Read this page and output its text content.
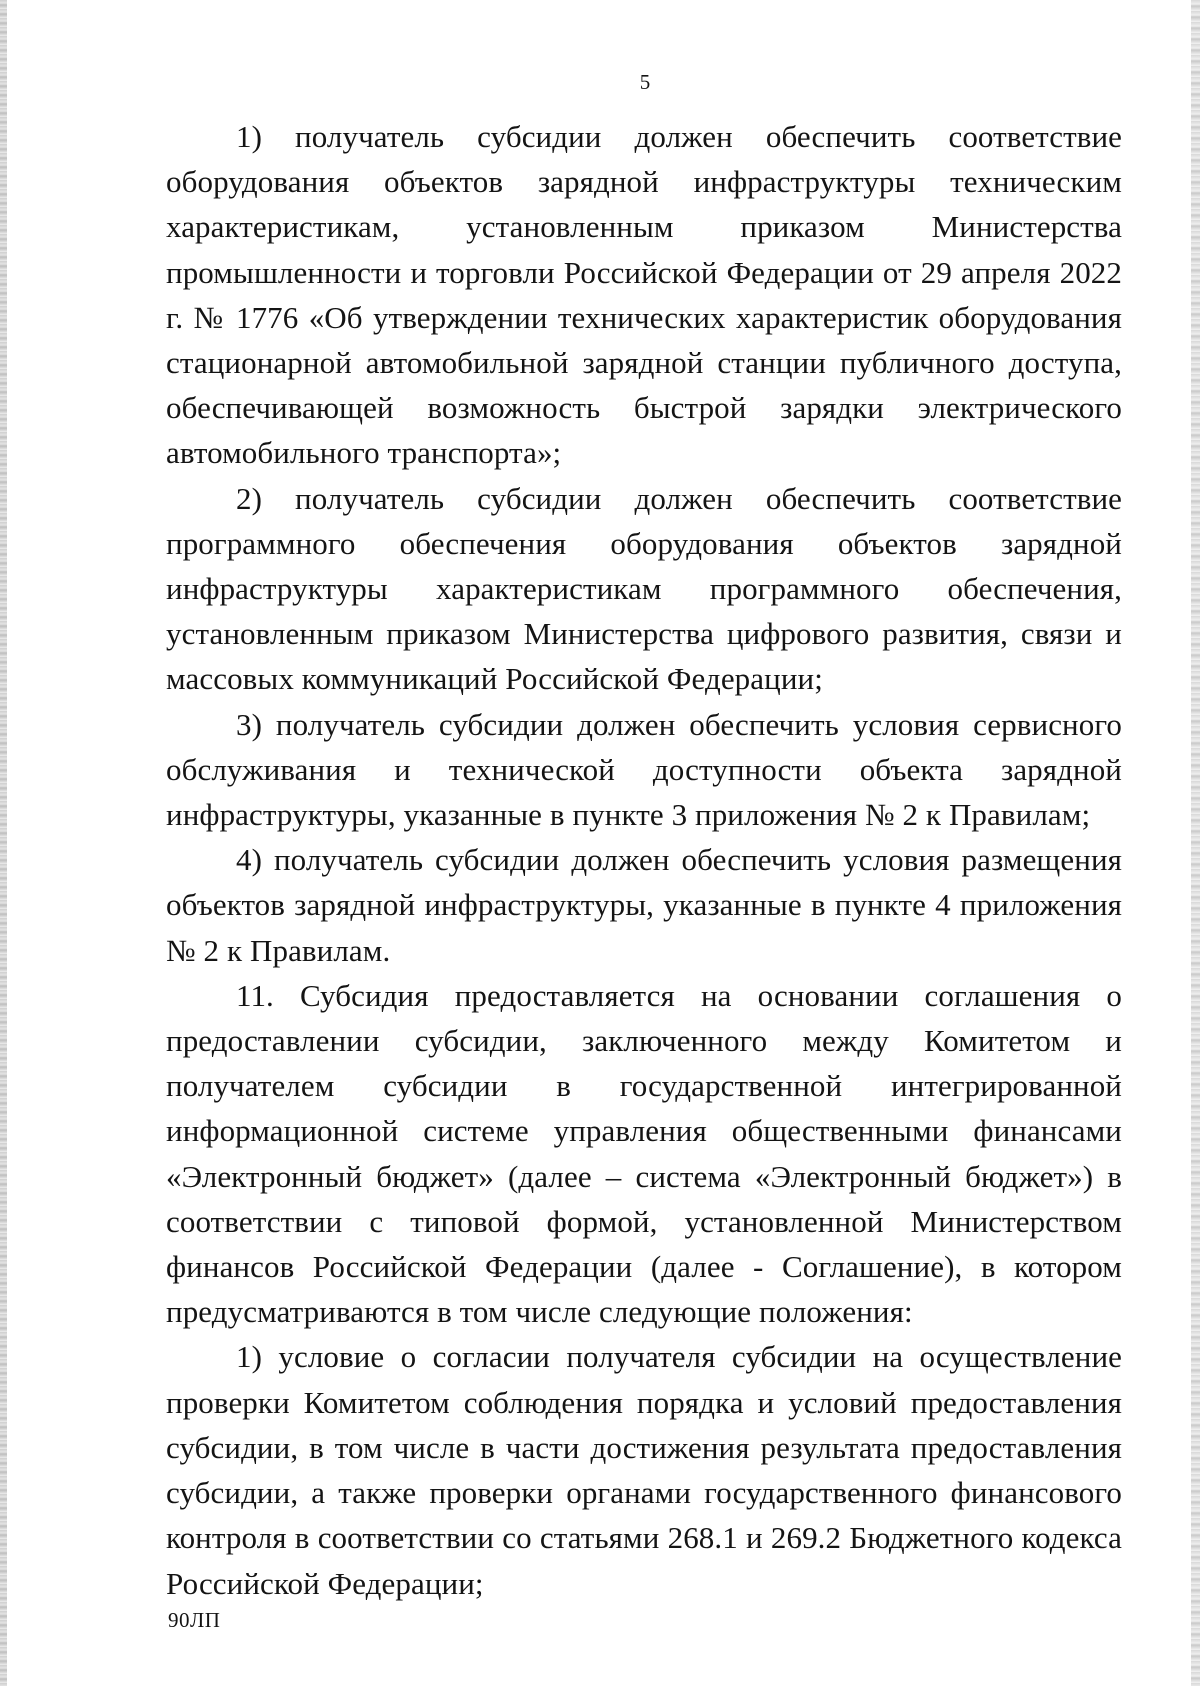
5

1) получатель субсидии должен обеспечить соответствие оборудования объектов зарядной инфраструктуры техническим характеристикам, установленным приказом Министерства промышленности и торговли Российской Федерации от 29 апреля 2022 г. № 1776 «Об утверждении технических характеристик оборудования стационарной автомобильной зарядной станции публичного доступа, обеспечивающей возможность быстрой зарядки электрического автомобильного транспорта»;

2) получатель субсидии должен обеспечить соответствие программного обеспечения оборудования объектов зарядной инфраструктуры характеристикам программного обеспечения, установленным приказом Министерства цифрового развития, связи и массовых коммуникаций Российской Федерации;

3) получатель субсидии должен обеспечить условия сервисного обслуживания и технической доступности объекта зарядной инфраструктуры, указанные в пункте 3 приложения № 2 к Правилам;

4) получатель субсидии должен обеспечить условия размещения объектов зарядной инфраструктуры, указанные в пункте 4 приложения № 2 к Правилам.

11. Субсидия предоставляется на основании соглашения о предоставлении субсидии, заключенного между Комитетом и получателем субсидии в государственной интегрированной информационной системе управления общественными финансами «Электронный бюджет» (далее – система «Электронный бюджет») в соответствии с типовой формой, установленной Министерством финансов Российской Федерации (далее - Соглашение), в котором предусматриваются в том числе следующие положения:

1) условие о согласии получателя субсидии на осуществление проверки Комитетом соблюдения порядка и условий предоставления субсидии, в том числе в части достижения результата предоставления субсидии, а также проверки органами государственного финансового контроля в соответствии со статьями 268.1 и 269.2 Бюджетного кодекса Российской Федерации;

90ЛП
